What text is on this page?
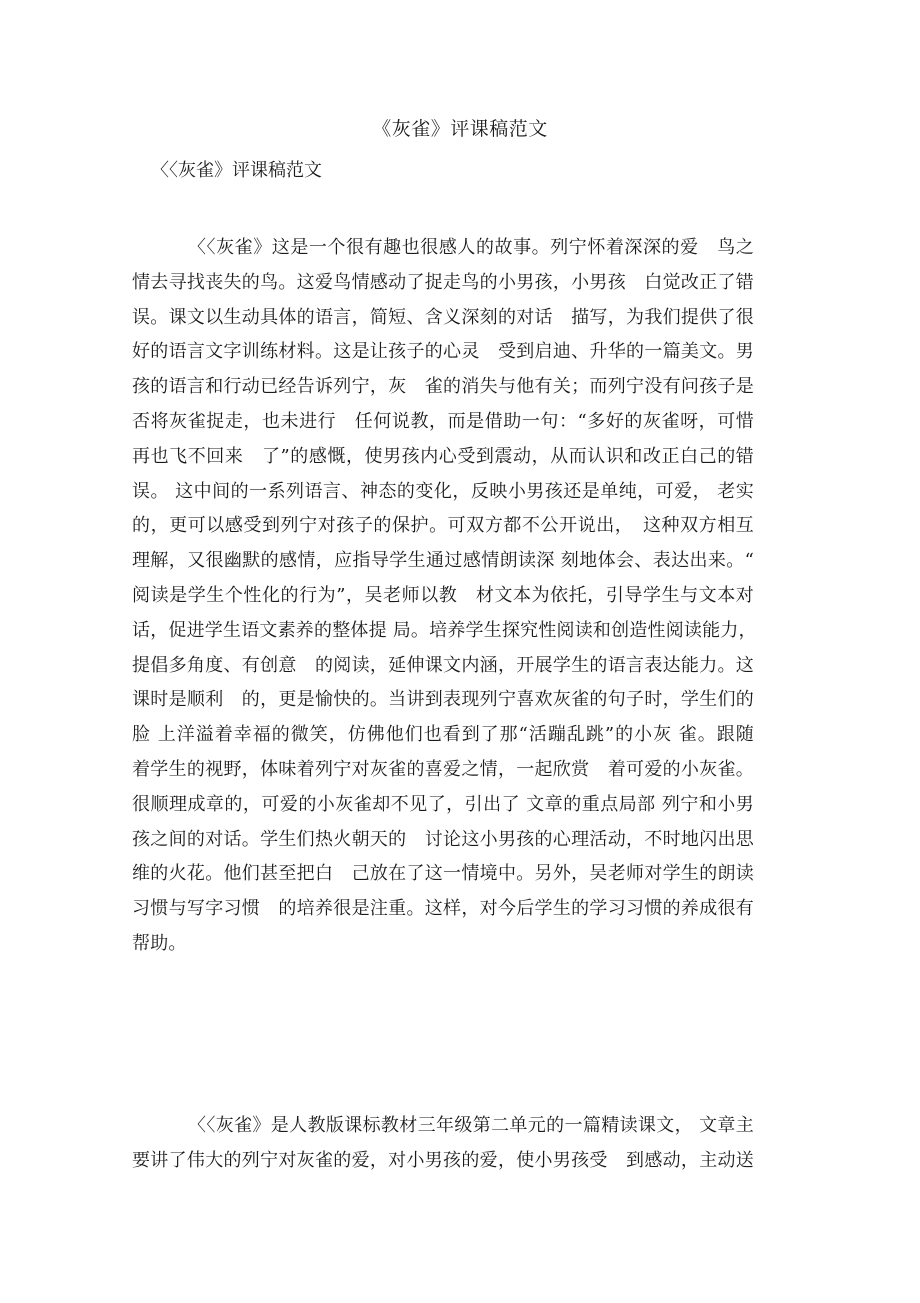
《灰雀》评课稿范文
〈〈灰雀》评课稿范文
〈〈灰雀》这是一个很有趣也很感人的故事。列宁怀着深深的爱　鸟之
情去寻找丧失的鸟。这爱鸟情感动了捉走鸟的小男孩，小男孩　白觉改正了错
误。课文以生动具体的语言，简短、含义深刻的对话　描写，为我们提供了很
好的语言文字训练材料。这是让孩子的心灵　受到启迪、升华的一篇美文。男
孩的语言和行动已经告诉列宁，灰　雀的消失与他有关；而列宁没有问孩子是
否将灰雀捉走，也未进行　任何说教，而是借助一句：“多好的灰雀呀，可惜
再也飞不回来　了”的感慨，使男孩内心受到震动，从而认识和改正白己的错
误。 这中间的一系列语言、神态的变化，反映小男孩还是单纯，可爱， 老实
的，更可以感受到列宁对孩子的保护。可双方都不公开说出，　这种双方相互
理解，又很幽默的感情，应指导学生通过感情朗读深 刻地体会、表达出来。“
阅读是学生个性化的行为”，吴老师以教　材文本为依托，引导学生与文本对
话，促进学生语文素养的整体提 局。培养学生探究性阅读和创造性阅读能力，
提倡多角度、有创意　的阅读，延伸课文内涵，开展学生的语言表达能力。这
课时是顺利　的，更是愉快的。当讲到表现列宁喜欢灰雀的句子时，学生们的
脸 上洋溢着幸福的微笑，仿佛他们也看到了那“活蹦乱跳”的小灰 雀。跟随
着学生的视野，体味着列宁对灰雀的喜爱之情，一起欣赏　着可爱的小灰雀。
很顺理成章的，可爱的小灰雀却不见了，引出了 文章的重点局部 列宁和小男
孩之间的对话。学生们热火朝天的　讨论这小男孩的心理活动，不时地闪出思
维的火花。他们甚至把白　己放在了这一情境中。另外，吴老师对学生的朗读
习惯与写字习惯　的培养很是注重。这样，对今后学生的学习习惯的养成很有
帮助。
〈〈灰雀》是人教版课标教材三年级第二单元的一篇精读课文， 文章主
要讲了伟大的列宁对灰雀的爱，对小男孩的爱，使小男孩受　到感动，主动送
